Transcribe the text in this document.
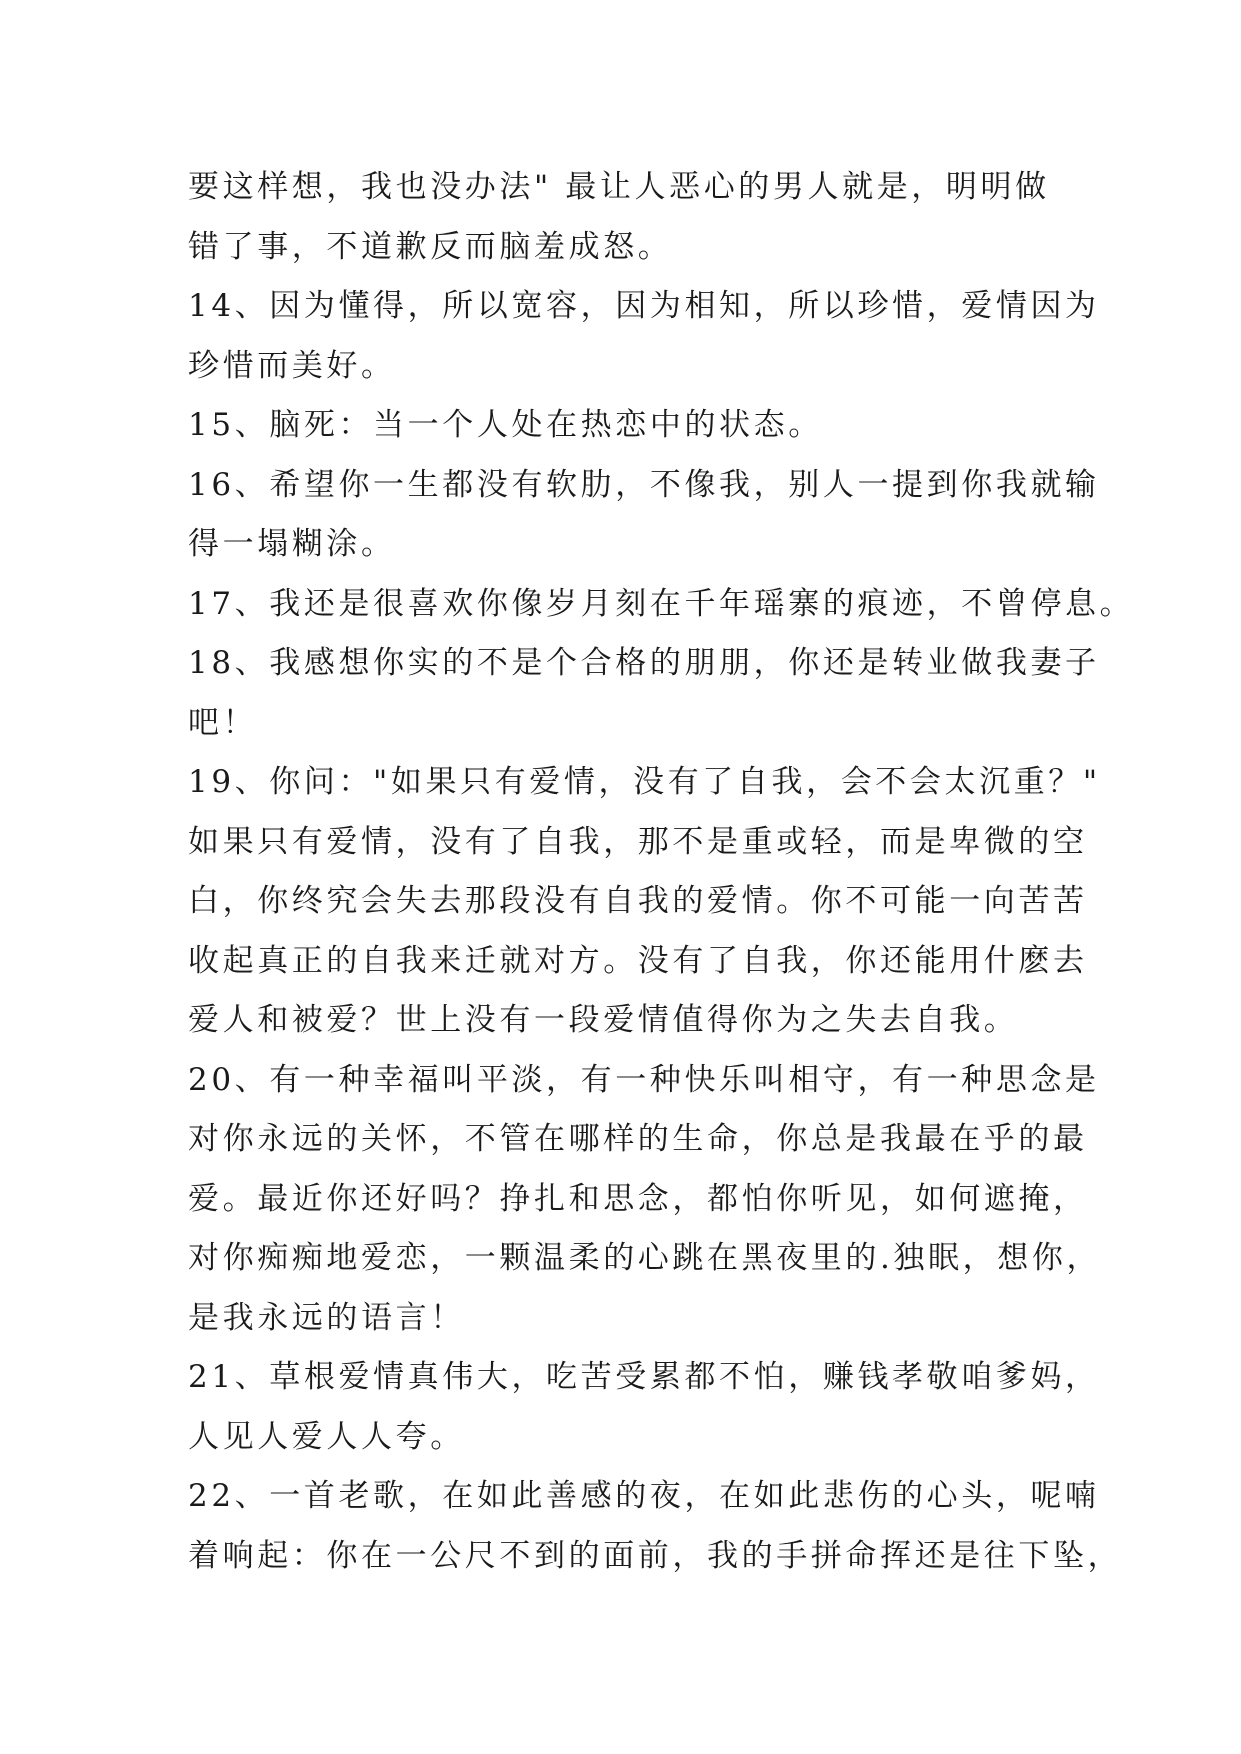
要这样想，我也没办法" 最让人恶心的男人就是，明明做
错了事，不道歉反而脑羞成怒。
14、因为懂得，所以宽容，因为相知，所以珍惜，爱情因为
珍惜而美好。
15、脑死：当一个人处在热恋中的状态。
16、希望你一生都没有软肋，不像我，别人一提到你我就输
得一塌糊涂。
17、我还是很喜欢你像岁月刻在千年瑶寨的痕迹，不曾停息。
18、我感想你实的不是个合格的朋朋，你还是转业做我妻子
吧！
19、你问："如果只有爱情，没有了自我，会不会太沉重？"
如果只有爱情，没有了自我，那不是重或轻，而是卑微的空
白，你终究会失去那段没有自我的爱情。你不可能一向苦苦
收起真正的自我来迁就对方。没有了自我，你还能用什麽去
爱人和被爱？世上没有一段爱情值得你为之失去自我。
20、有一种幸福叫平淡，有一种快乐叫相守，有一种思念是
对你永远的关怀，不管在哪样的生命，你总是我最在乎的最
爱。最近你还好吗？挣扎和思念，都怕你听见，如何遮掩，
对你痴痴地爱恋，一颗温柔的心跳在黑夜里的.独眠，想你，
是我永远的语言！
21、草根爱情真伟大，吃苦受累都不怕，赚钱孝敬咱爹妈，
人见人爱人人夸。
22、一首老歌，在如此善感的夜，在如此悲伤的心头，呢喃
着响起：你在一公尺不到的面前，我的手拼命挥还是往下坠，
